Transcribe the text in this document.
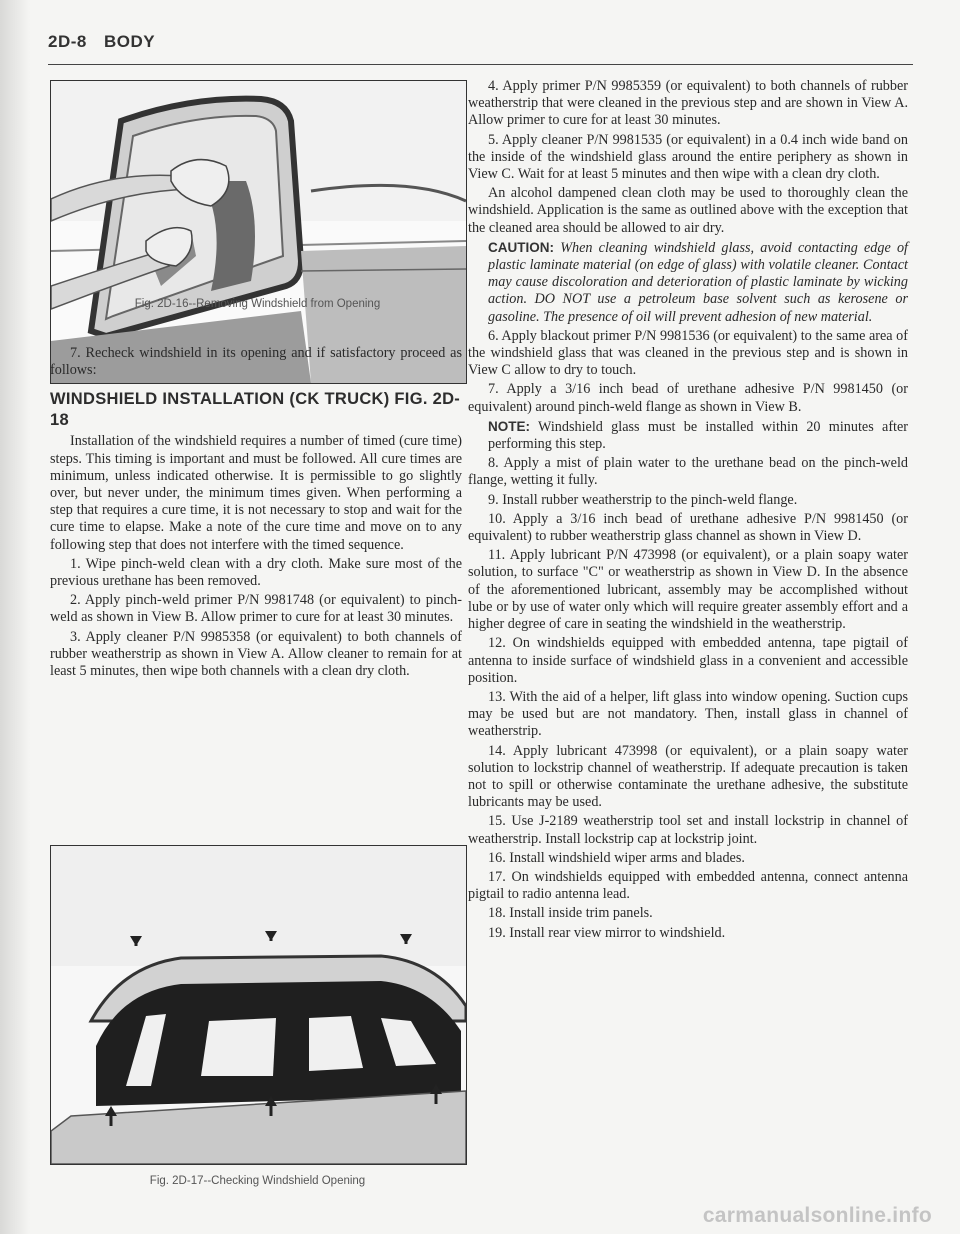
2D-8 BODY
Fig. 2D-16--Removing Windshield from Opening

7. Recheck windshield in its opening and if satisfactory proceed as follows:

WINDSHIELD INSTALLATION (CK TRUCK) FIG. 2D-18

Installation of the windshield requires a number of timed (cure time) steps. This timing is important and must be followed. All cure times are minimum, unless indicated otherwise. It is permissible to go slightly over, but never under, the minimum times given. When performing a step that requires a cure time, it is not necessary to stop and wait for the cure time to elapse. Make a note of the cure time and move on to any following step that does not interfere with the timed sequence.

1. Wipe pinch-weld clean with a dry cloth. Make sure most of the previous urethane has been removed.

2. Apply pinch-weld primer P/N 9981748 (or equivalent) to pinch-weld as shown in View B. Allow primer to cure for at least 30 minutes.

3. Apply cleaner P/N 9985358 (or equivalent) to both channels of rubber weatherstrip as shown in View A. Allow cleaner to remain for at least 5 minutes, then wipe both channels with a clean dry cloth.

Fig. 2D-17--Checking Windshield Opening

4. Apply primer P/N 9985359 (or equivalent) to both channels of rubber weatherstrip that were cleaned in the previous step and are shown in View A. Allow primer to cure for at least 30 minutes.

5. Apply cleaner P/N 9981535 (or equivalent) in a 0.4 inch wide band on the inside of the windshield glass around the entire periphery as shown in View C. Wait for at least 5 minutes and then wipe with a clean dry cloth.

An alcohol dampened clean cloth may be used to thoroughly clean the windshield. Application is the same as outlined above with the exception that the cleaned area should be allowed to air dry.

CAUTION: When cleaning windshield glass, avoid contacting edge of plastic laminate material (on edge of glass) with volatile cleaner. Contact may cause discoloration and deterioration of plastic laminate by wicking action. DO NOT use a petroleum base solvent such as kerosene or gasoline. The presence of oil will prevent adhesion of new material.

6. Apply blackout primer P/N 9981536 (or equivalent) to the same area of the windshield glass that was cleaned in the previous step and is shown in View C allow to dry to touch.

7. Apply a 3/16 inch bead of urethane adhesive P/N 9981450 (or equivalent) around pinch-weld flange as shown in View B.

NOTE: Windshield glass must be installed within 20 minutes after performing this step.

8. Apply a mist of plain water to the urethane bead on the pinch-weld flange, wetting it fully.

9. Install rubber weatherstrip to the pinch-weld flange.

10. Apply a 3/16 inch bead of urethane adhesive P/N 9981450 (or equivalent) to rubber weatherstrip glass channel as shown in View D.

11. Apply lubricant P/N 473998 (or equivalent), or a plain soapy water solution, to surface "C" or weatherstrip as shown in View D. In the absence of the aforementioned lubricant, assembly may be accomplished without lube or by use of water only which will require greater assembly effort and a higher degree of care in seating the windshield in the weatherstrip.

12. On windshields equipped with embedded antenna, tape pigtail of antenna to inside surface of windshield glass in a convenient and accessible position.

13. With the aid of a helper, lift glass into window opening. Suction cups may be used but are not mandatory. Then, install glass in channel of weatherstrip.

14. Apply lubricant 473998 (or equivalent), or a plain soapy water solution to lockstrip channel of weatherstrip. If adequate precaution is taken not to spill or otherwise contaminate the urethane adhesive, the substitute lubricants may be used.

15. Use J-2189 weatherstrip tool set and install lockstrip in channel of weatherstrip. Install lockstrip cap at lockstrip joint.

16. Install windshield wiper arms and blades.

17. On windshields equipped with embedded antenna, connect antenna pigtail to radio antenna lead.

18. Install inside trim panels.

19. Install rear view mirror to windshield.

carmanualsonline.info
